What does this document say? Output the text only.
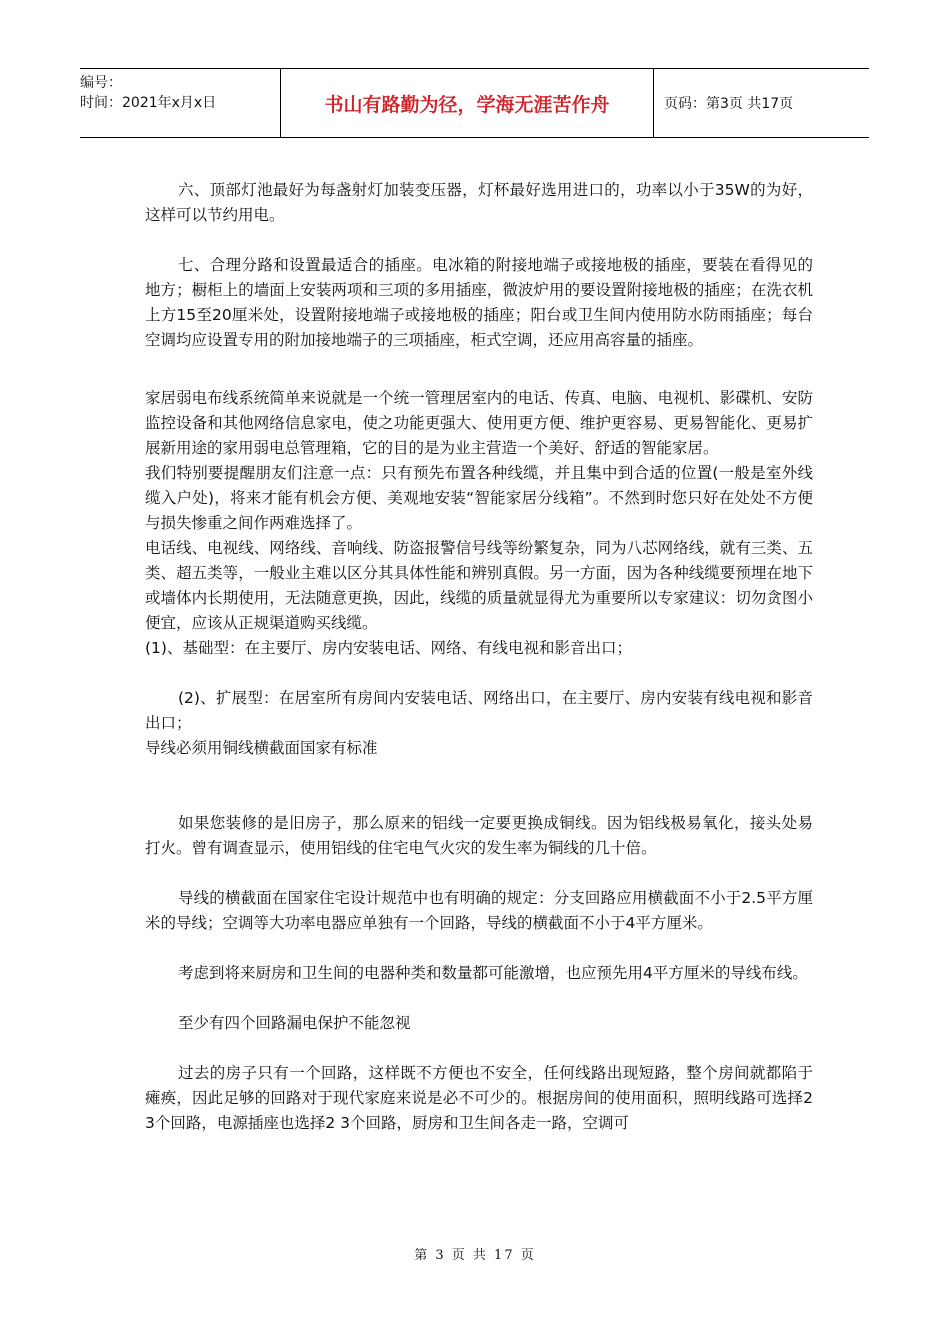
编号：
时间：2021年x月x日	书山有路勤为径，学海无涯苦作舟	页码：第3页 共17页

六、顶部灯池最好为每盏射灯加装变压器，灯杯最好选用进口的，功率以小于35W的为好，这样可以节约用电。

七、合理分路和设置最适合的插座。电冰箱的附接地端子或接地极的插座，要装在看得见的地方；橱柜上的墙面上安装两项和三项的多用插座，微波炉用的要设置附接地极的插座；在洗衣机上方15至20厘米处，设置附接地端子或接地极的插座；阳台或卫生间内使用防水防雨插座；每台空调均应设置专用的附加接地端子的三项插座，柜式空调，还应用高容量的插座。

家居弱电布线系统简单来说就是一个统一管理居室内的电话、传真、电脑、电视机、影碟机、安防监控设备和其他网络信息家电，使之功能更强大、使用更方便、维护更容易、更易智能化、更易扩展新用途的家用弱电总管理箱，它的目的是为业主营造一个美好、舒适的智能家居。

我们特别要提醒朋友们注意一点：只有预先布置各种线缆，并且集中到合适的位置(一般是室外线缆入户处)，将来才能有机会方便、美观地安装“智能家居分线箱”。不然到时您只好在处处不方便与损失惨重之间作两难选择了。

电话线、电视线、网络线、音响线、防盗报警信号线等纷繁复杂，同为八芯网络线，就有三类、五类、超五类等，一般业主难以区分其具体性能和辨别真假。另一方面，因为各种线缆要预埋在地下或墙体内长期使用，无法随意更换，因此，线缆的质量就显得尤为重要所以专家建议：切勿贪图小便宜，应该从正规渠道购买线缆。

(1)、基础型：在主要厅、房内安装电话、网络、有线电视和影音出口；

(2)、扩展型：在居室所有房间内安装电话、网络出口，在主要厅、房内安装有线电视和影音出口；

导线必须用铜线横截面国家有标准

如果您装修的是旧房子，那么原来的铝线一定要更换成铜线。因为铝线极易氧化，接头处易打火。曾有调查显示，使用铝线的住宅电气火灾的发生率为铜线的几十倍。

导线的横截面在国家住宅设计规范中也有明确的规定：分支回路应用横截面不小于2.5平方厘米的导线；空调等大功率电器应单独有一个回路，导线的横截面不小于4平方厘米。

考虑到将来厨房和卫生间的电器种类和数量都可能激增，也应预先用4平方厘米的导线布线。

至少有四个回路漏电保护不能忽视

过去的房子只有一个回路，这样既不方便也不安全，任何线路出现短路，整个房间就都陷于瘫痪，因此足够的回路对于现代家庭来说是必不可少的。根据房间的使用面积，照明线路可选择2 3个回路，电源插座也选择2 3个回路，厨房和卫生间各走一路，空调可

第 3 页 共 17 页
